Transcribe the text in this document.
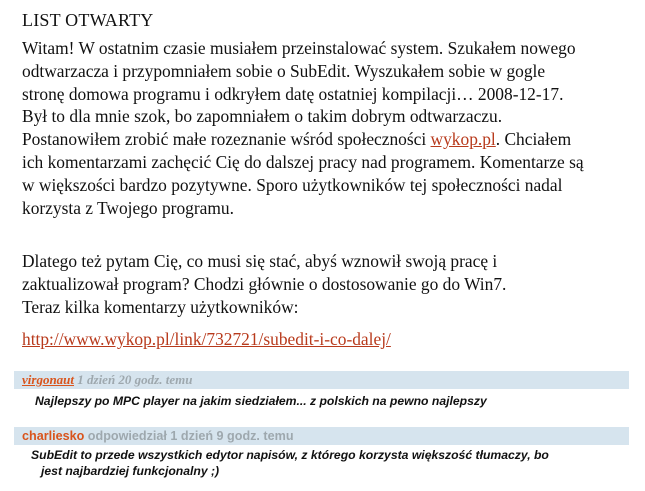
LIST OTWARTY

Witam! W ostatnim czasie musiałem przeinstalować system. Szukałem nowego
odtwarzacza i przypomniałem sobie o SubEdit. Wyszukałem sobie w gogle
stronę domowa programu i odkryłem datę ostatniej kompilacji… 2008-12-17.
Był to dla mnie szok, bo zapomniałem o takim dobrym odtwarzaczu.
Postanowiłem zrobić małe rozeznanie wśród społeczności wykop.pl. Chciałem
ich komentarzami zachęcić Cię do dalszej pracy nad programem. Komentarze są
w większości bardzo pozytywne. Sporo użytkowników tej społeczności nadal
korzysta z Twojego programu.

Dlatego też pytam Cię, co musi się stać, abyś wznowił swoją pracę i
zaktualizował program? Chodzi głównie o dostosowanie go do Win7.
Teraz kilka komentarzy użytkowników:

http://www.wykop.pl/link/732721/subedit-i-co-dalej/
virgonaut 1 dzień 20 godz. temu
Najlepszy po MPC player na jakim siedziałem... z polskich na pewno najlepszy
charliesko odpowiedział 1 dzień 9 godz. temu
SubEdit to przede wszystkich edytor napisów, z którego korzysta większość tłumaczy, bo
jest najbardziej funkcjonalny ;)
